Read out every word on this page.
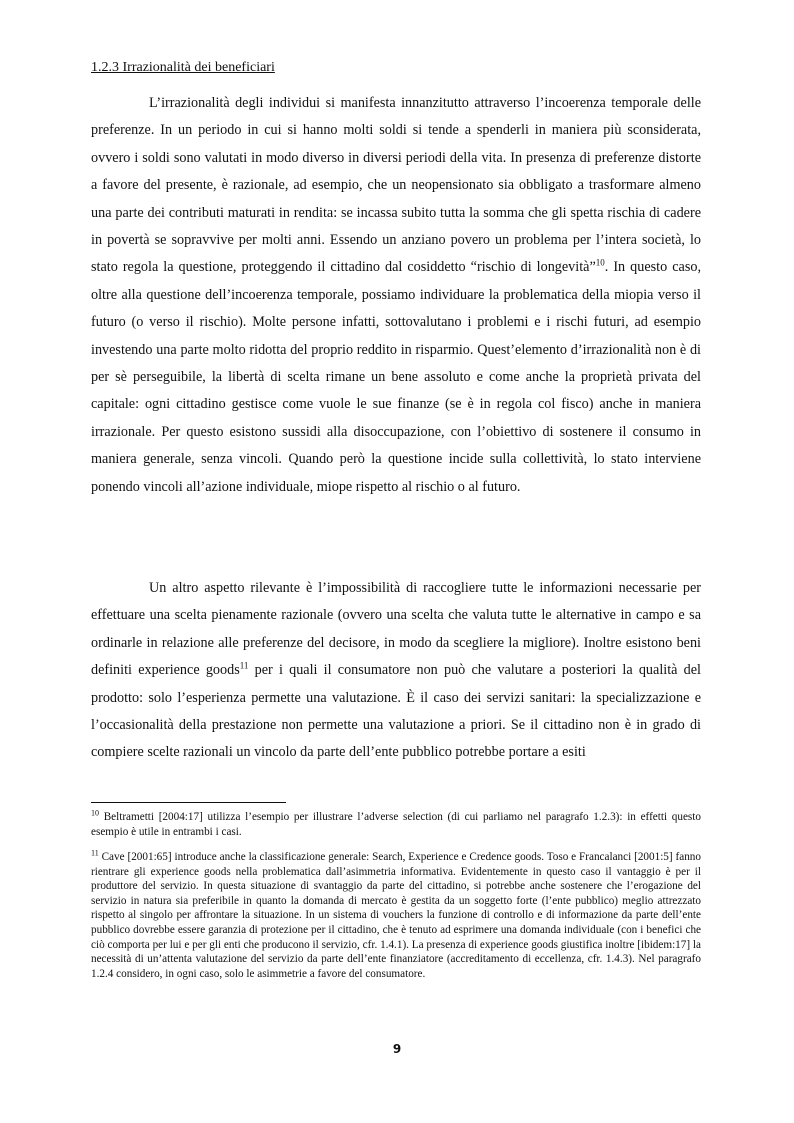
1.2.3 Irrazionalità dei beneficiari

L’irrazionalità degli individui si manifesta innanzitutto attraverso l’incoerenza temporale delle preferenze. In un periodo in cui si hanno molti soldi si tende a spenderli in maniera più sconsiderata, ovvero i soldi sono valutati in modo diverso in diversi periodi della vita. In presenza di preferenze distorte a favore del presente, è razionale, ad esempio, che un neopensionato sia obbligato a trasformare almeno una parte dei contributi maturati in rendita: se incassa subito tutta la somma che gli spetta rischia di cadere in povertà se sopravvive per molti anni. Essendo un anziano povero un problema per l’intera società, lo stato regola la questione, proteggendo il cittadino dal cosiddetto “rischio di longevità”$^{10}$. In questo caso, oltre alla questione dell’incoerenza temporale, possiamo individuare la problematica della miopia verso il futuro (o verso il rischio). Molte persone infatti, sottovalutano i problemi e i rischi futuri, ad esempio investendo una parte molto ridotta del proprio reddito in risparmio. Quest’elemento d’irrazionalità non è di per sè perseguibile, la libertà di scelta rimane un bene assoluto e come anche la proprietà privata del capitale: ogni cittadino gestisce come vuole le sue finanze (se è in regola col fisco) anche in maniera irrazionale. Per questo esistono sussidi alla disoccupazione, con l’obiettivo di sostenere il consumo in maniera generale, senza vincoli. Quando però la questione incide sulla collettività, lo stato interviene ponendo vincoli all’azione individuale, miope rispetto al rischio o al futuro.

Un altro aspetto rilevante è l’impossibilità di raccogliere tutte le informazioni necessarie per effettuare una scelta pienamente razionale (ovvero una scelta che valuta tutte le alternative in campo e sa ordinarle in relazione alle preferenze del decisore, in modo da scegliere la migliore). Inoltre esistono beni definiti experience goods$^{11}$ per i quali il consumatore non può che valutare a posteriori la qualità del prodotto: solo l’esperienza permette una valutazione. È il caso dei servizi sanitari: la specializzazione e l’occasionalità della prestazione non permette una valutazione a priori. Se il cittadino non è in grado di compiere scelte razionali un vincolo da parte dell’ente pubblico potrebbe portare a esiti

$^{10}$ Beltrametti [2004:17] utilizza l’esempio per illustrare l’adverse selection (di cui parliamo nel paragrafo 1.2.3): in effetti questo esempio è utile in entrambi i casi.

$^{11}$ Cave [2001:65] introduce anche la classificazione generale: Search, Experience e Credence goods. Toso e Francalanci [2001:5] fanno rientrare gli experience goods nella problematica dall’asimmetria informativa. Evidentemente in questo caso il vantaggio è per il produttore del servizio. In questa situazione di svantaggio da parte del cittadino, si potrebbe anche sostenere che l’erogazione del servizio in natura sia preferibile in quanto la domanda di mercato è gestita da un soggetto forte (l’ente pubblico) meglio attrezzato rispetto al singolo per affrontare la situazione. In un sistema di vouchers la funzione di controllo e di informazione da parte dell’ente pubblico dovrebbe essere garanzia di protezione per il cittadino, che è tenuto ad esprimere una domanda individuale (con i benefici che ciò comporta per lui e per gli enti che producono il servizio, cfr. 1.4.1). La presenza di experience goods giustifica inoltre [ibidem:17] la necessità di un’attenta valutazione del servizio da parte dell’ente finanziatore (accreditamento di eccellenza, cfr. 1.4.3). Nel paragrafo 1.2.4 considero, in ogni caso, solo le asimmetrie a favore del consumatore.

9
